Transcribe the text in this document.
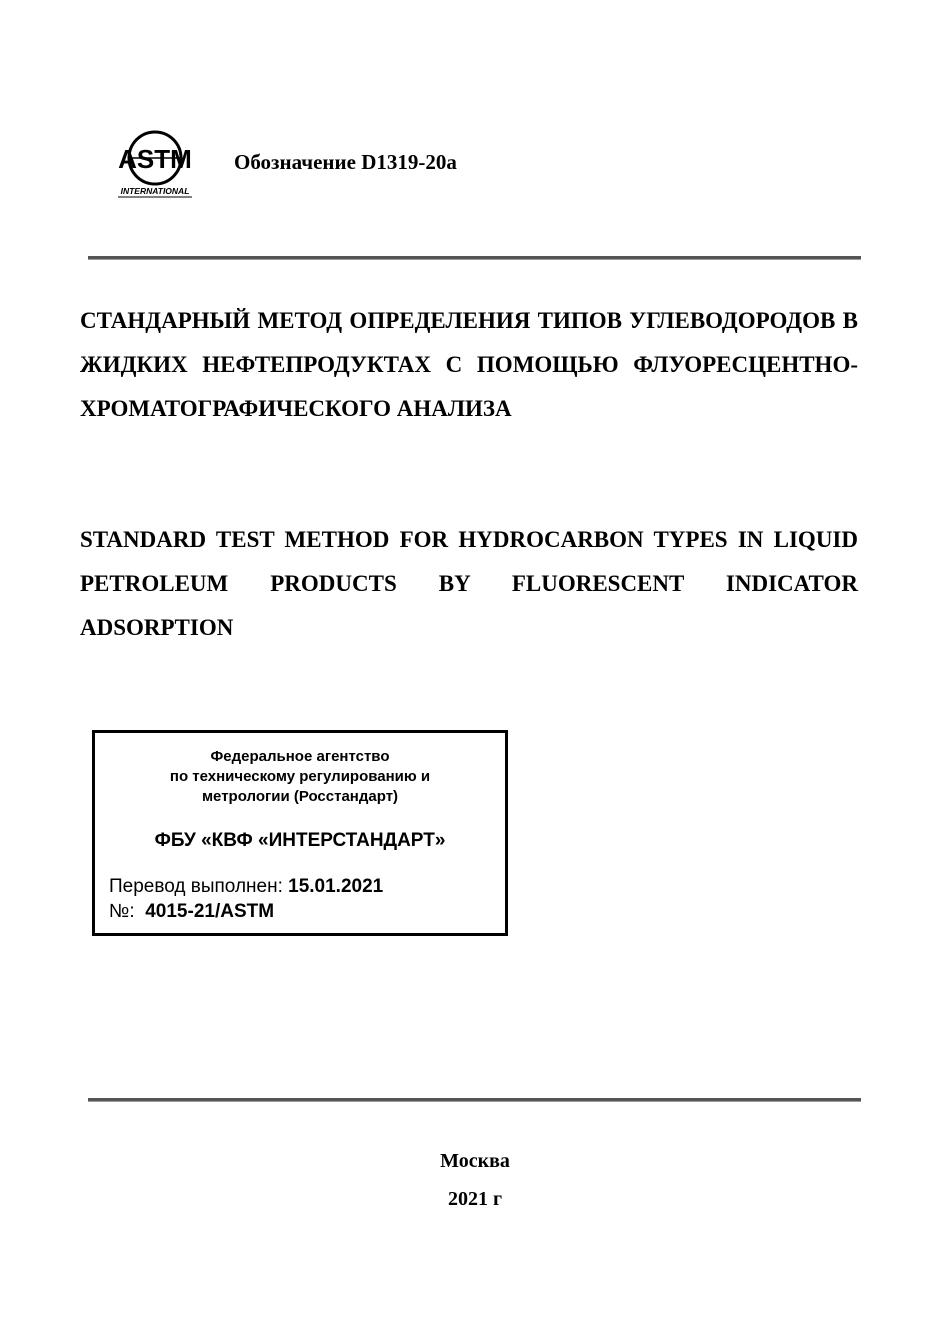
ASTM
INTERNATIONAL
Обозначение D1319-20a

СТАНДАРНЫЙ МЕТОД ОПРЕДЕЛЕНИЯ ТИПОВ УГЛЕВОДОРОДОВ В ЖИДКИХ НЕФТЕПРОДУКТАХ С ПОМОЩЬЮ ФЛУОРЕСЦЕНТНО-ХРОМАТОГРАФИЧЕСКОГО АНАЛИЗА

STANDARD TEST METHOD FOR HYDROCARBON TYPES IN LIQUID PETROLEUM PRODUCTS BY FLUORESCENT INDICATOR ADSORPTION

Федеральное агентство
по техническому регулированию и
метрологии (Росстандарт)
ФБУ «КВФ «ИНТЕРСТАНДАРТ»
Перевод выполнен: 15.01.2021
№:  4015-21/ASTM
Москва
2021 г
